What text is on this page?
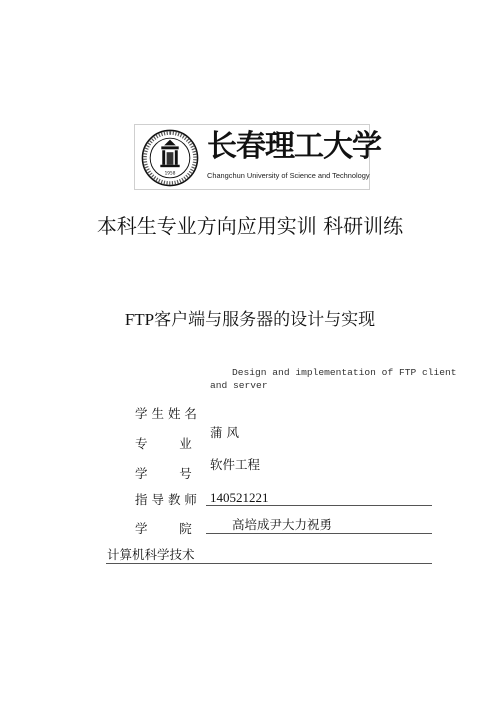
1958
长春理工大学
Changchun University of Science and Technology
本科生专业方向应用实训 科研训练
FTP客户端与服务器的设计与实现
Design and implementation of FTP client
and server
学 生 姓 名
专        业
学        号
指 导 教 师
学        院
蒲 风
软件工程
140521221
高培成尹大力祝勇
计算机科学技术
